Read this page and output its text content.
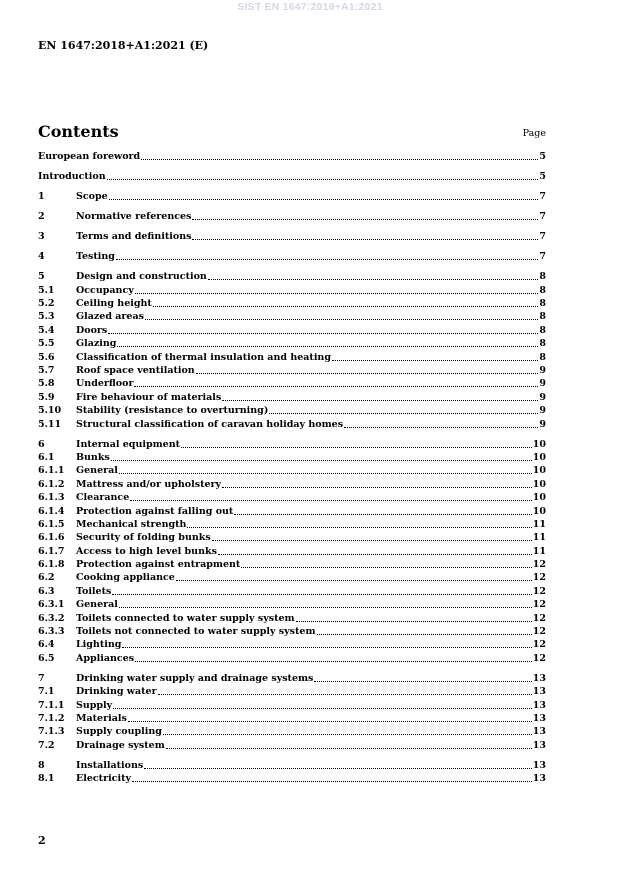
SIST EN 1647:2019+A1:2021
EN 1647:2018+A1:2021 (E)
Contents	Page
European foreword	5
Introduction	5
1	Scope	7
2	Normative references	7
3	Terms and definitions	7
4	Testing	7
5	Design and construction	8
5.1	Occupancy	8
5.2	Ceiling height	8
5.3	Glazed areas	8
5.4	Doors	8
5.5	Glazing	8
5.6	Classification of thermal insulation and heating	8
5.7	Roof space ventilation	9
5.8	Underfloor	9
5.9	Fire behaviour of materials	9
5.10	Stability (resistance to overturning)	9
5.11	Structural classification of caravan holiday homes	9
6	Internal equipment	10
6.1	Bunks	10
6.1.1	General	10
6.1.2	Mattress and/or upholstery	10
6.1.3	Clearance	10
6.1.4	Protection against falling out	10
6.1.5	Mechanical strength	11
6.1.6	Security of folding bunks	11
6.1.7	Access to high level bunks	11
6.1.8	Protection against entrapment	12
6.2	Cooking appliance	12
6.3	Toilets	12
6.3.1	General	12
6.3.2	Toilets connected to water supply system	12
6.3.3	Toilets not connected to water supply system	12
6.4	Lighting	12
6.5	Appliances	12
7	Drinking water supply and drainage systems	13
7.1	Drinking water	13
7.1.1	Supply	13
7.1.2	Materials	13
7.1.3	Supply coupling	13
7.2	Drainage system	13
8	Installations	13
8.1	Electricity	13
2
